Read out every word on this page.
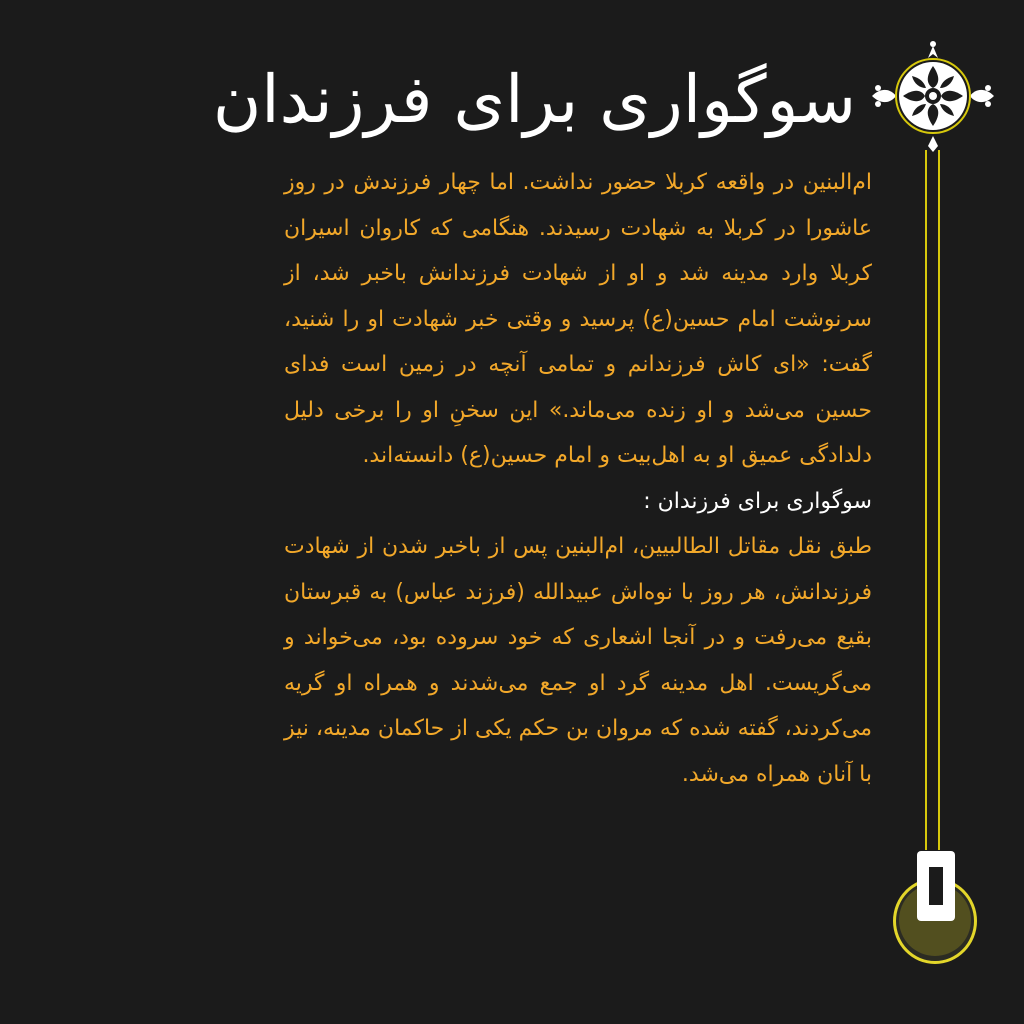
سوگواری برای فرزندان

ام‌البنین در واقعه کربلا حضور نداشت. اما چهار فرزندش در روز عاشورا در کربلا به شهادت رسیدند. هنگامی که کاروان اسیران کربلا وارد مدینه شد و او از شهادت فرزندانش باخبر شد، از سرنوشت امام حسین(ع) پرسید و وقتی خبر شهادت او را شنید، گفت: «ای کاش فرزندانم و تمامی آنچه در زمین است فدای حسین می‌شد و او زنده می‌ماند.» این سخنِ او را برخی دلیل دلدادگی عمیق او به اهل‌بیت و امام حسین(ع) دانسته‌اند.

سوگواری برای فرزندان :

طبق نقل مقاتل الطالبیین، ام‌البنین پس از باخبر شدن از شهادت فرزندانش، هر روز با نوه‌اش عبیدالله (فرزند عباس) به قبرستان بقیع می‌رفت و در آنجا اشعاری که خود سروده بود، می‌خواند و می‌گریست. اهل مدینه گرد او جمع می‌شدند و همراه او گریه می‌کردند، گفته شده که مروان بن حکم یکی از حاکمان مدینه، نیز با آنان همراه می‌شد.
